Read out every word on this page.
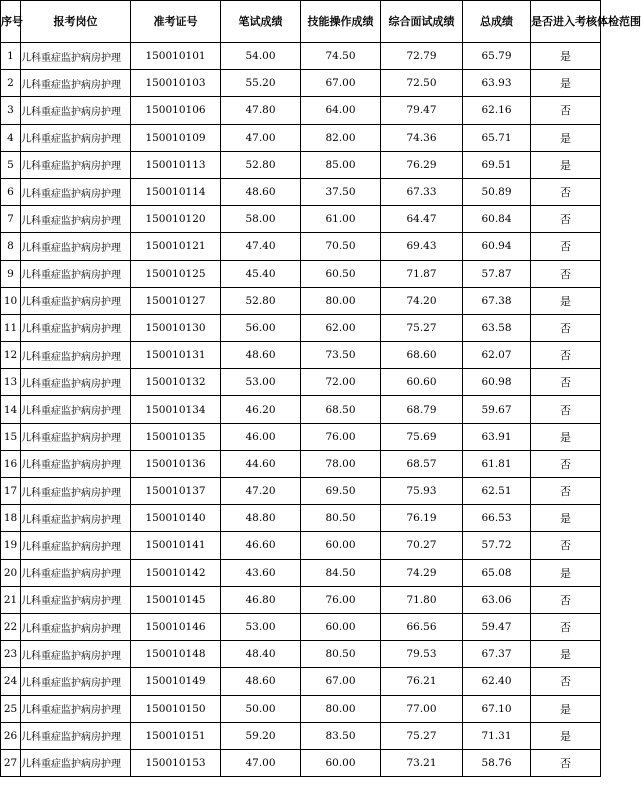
序号	报考岗位	准考证号	笔试成绩	技能操作成绩	综合面试成绩	总成绩	是否进入考核体检范围
1	儿科重症监护病房护理	150010101	54.00	74.50	72.79	65.79	是
2	儿科重症监护病房护理	150010103	55.20	67.00	72.50	63.93	是
3	儿科重症监护病房护理	150010106	47.80	64.00	79.47	62.16	否
4	儿科重症监护病房护理	150010109	47.00	82.00	74.36	65.71	是
5	儿科重症监护病房护理	150010113	52.80	85.00	76.29	69.51	是
6	儿科重症监护病房护理	150010114	48.60	37.50	67.33	50.89	否
7	儿科重症监护病房护理	150010120	58.00	61.00	64.47	60.84	否
8	儿科重症监护病房护理	150010121	47.40	70.50	69.43	60.94	否
9	儿科重症监护病房护理	150010125	45.40	60.50	71.87	57.87	否
10	儿科重症监护病房护理	150010127	52.80	80.00	74.20	67.38	是
11	儿科重症监护病房护理	150010130	56.00	62.00	75.27	63.58	否
12	儿科重症监护病房护理	150010131	48.60	73.50	68.60	62.07	否
13	儿科重症监护病房护理	150010132	53.00	72.00	60.60	60.98	否
14	儿科重症监护病房护理	150010134	46.20	68.50	68.79	59.67	否
15	儿科重症监护病房护理	150010135	46.00	76.00	75.69	63.91	是
16	儿科重症监护病房护理	150010136	44.60	78.00	68.57	61.81	否
17	儿科重症监护病房护理	150010137	47.20	69.50	75.93	62.51	否
18	儿科重症监护病房护理	150010140	48.80	80.50	76.19	66.53	是
19	儿科重症监护病房护理	150010141	46.60	60.00	70.27	57.72	否
20	儿科重症监护病房护理	150010142	43.60	84.50	74.29	65.08	是
21	儿科重症监护病房护理	150010145	46.80	76.00	71.80	63.06	否
22	儿科重症监护病房护理	150010146	53.00	60.00	66.56	59.47	否
23	儿科重症监护病房护理	150010148	48.40	80.50	79.53	67.37	是
24	儿科重症监护病房护理	150010149	48.60	67.00	76.21	62.40	否
25	儿科重症监护病房护理	150010150	50.00	80.00	77.00	67.10	是
26	儿科重症监护病房护理	150010151	59.20	83.50	75.27	71.31	是
27	儿科重症监护病房护理	150010153	47.00	60.00	73.21	58.76	否
